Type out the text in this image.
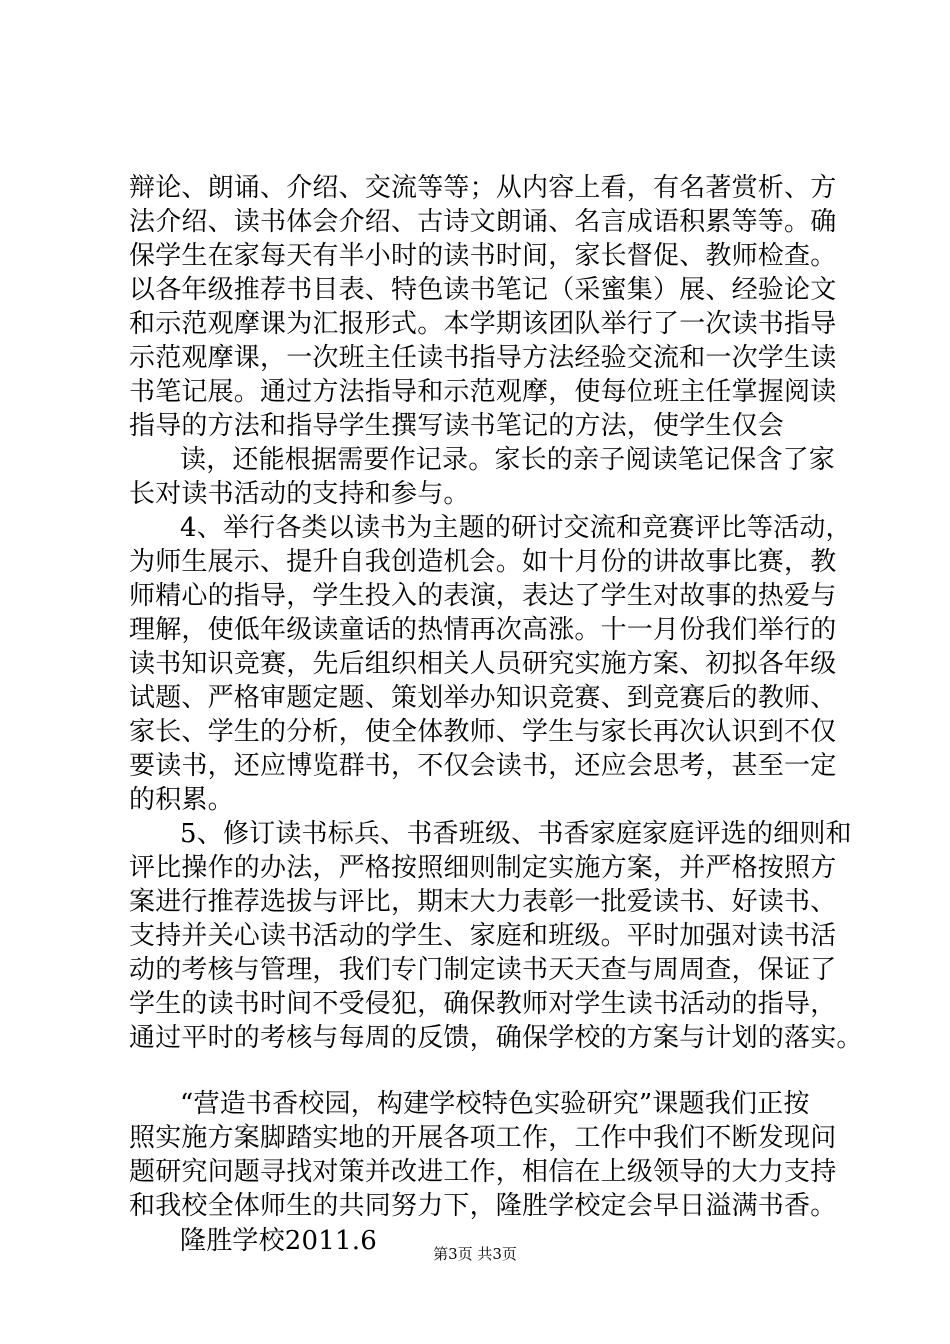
辩论、朗诵、介绍、交流等等；从内容上看，有名著赏析、方
法介绍、读书体会介绍、古诗文朗诵、名言成语积累等等。确
保学生在家每天有半小时的读书时间，家长督促、教师检查。
以各年级推荐书目表、特色读书笔记（采蜜集）展、经验论文
和示范观摩课为汇报形式。本学期该团队举行了一次读书指导
示范观摩课，一次班主任读书指导方法经验交流和一次学生读
书笔记展。通过方法指导和示范观摩，使每位班主任掌握阅读
指导的方法和指导学生撰写读书笔记的方法，使学生仅会
读，还能根据需要作记录。家长的亲子阅读笔记保含了家
长对读书活动的支持和参与。
4、举行各类以读书为主题的研讨交流和竞赛评比等活动，
为师生展示、提升自我创造机会。如十月份的讲故事比赛，教
师精心的指导，学生投入的表演，表达了学生对故事的热爱与
理解，使低年级读童话的热情再次高涨。十一月份我们举行的
读书知识竞赛，先后组织相关人员研究实施方案、初拟各年级
试题、严格审题定题、策划举办知识竞赛、到竞赛后的教师、
家长、学生的分析，使全体教师、学生与家长再次认识到不仅
要读书，还应博览群书，不仅会读书，还应会思考，甚至一定
的积累。
5、修订读书标兵、书香班级、书香家庭家庭评选的细则和
评比操作的办法，严格按照细则制定实施方案，并严格按照方
案进行推荐选拔与评比，期末大力表彰一批爱读书、好读书、
支持并关心读书活动的学生、家庭和班级。平时加强对读书活
动的考核与管理，我们专门制定读书天天查与周周查，保证了
学生的读书时间不受侵犯，确保教师对学生读书活动的指导，
通过平时的考核与每周的反馈，确保学校的方案与计划的落实。
“营造书香校园，构建学校特色实验研究”课题我们正按
照实施方案脚踏实地的开展各项工作，工作中我们不断发现问
题研究问题寻找对策并改进工作，相信在上级领导的大力支持
和我校全体师生的共同努力下，隆胜学校定会早日溢满书香。
隆胜学校2011.6	第3页 共3页
